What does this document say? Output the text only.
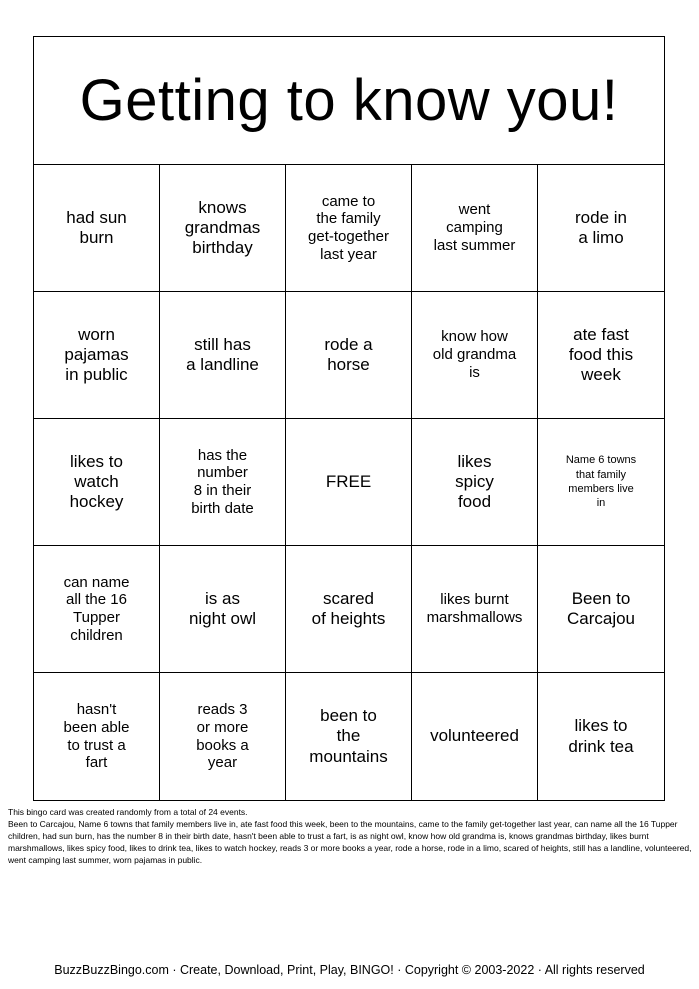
Getting to know you!
had sun
burn
knows
grandmas
birthday
came to
the family
get-together
last year
went
camping
last summer
rode in
a limo
worn
pajamas
in public
still has
a landline
rode a
horse
know how
old grandma
is
ate fast
food this
week
likes to
watch
hockey
has the
number
8 in their
birth date
FREE
likes
spicy
food
Name 6 towns
that family
members live
in
can name
all the 16
Tupper
children
is as
night owl
scared
of heights
likes burnt
marshmallows
Been to
Carcajou
hasn't
been able
to trust a
fart
reads 3
or more
books a
year
been to
the
mountains
volunteered
likes to
drink tea

This bingo card was created randomly from a total of 24 events.

Been to Carcajou, Name 6 towns that family members live in, ate fast food this week, been to the mountains, came to the family get-together last year, can name all the 16 Tupper children, had sun burn, has the number 8 in their birth date, hasn't been able to trust a fart, is as night owl, know how old grandma is, knows grandmas birthday, likes burnt marshmallows, likes spicy food, likes to drink tea, likes to watch hockey, reads 3 or more books a year, rode a horse, rode in a limo, scared of heights, still has a landline, volunteered, went camping last summer, worn pajamas in public.

BuzzBuzzBingo.com · Create, Download, Print, Play, BINGO! · Copyright © 2003-2022 · All rights reserved
